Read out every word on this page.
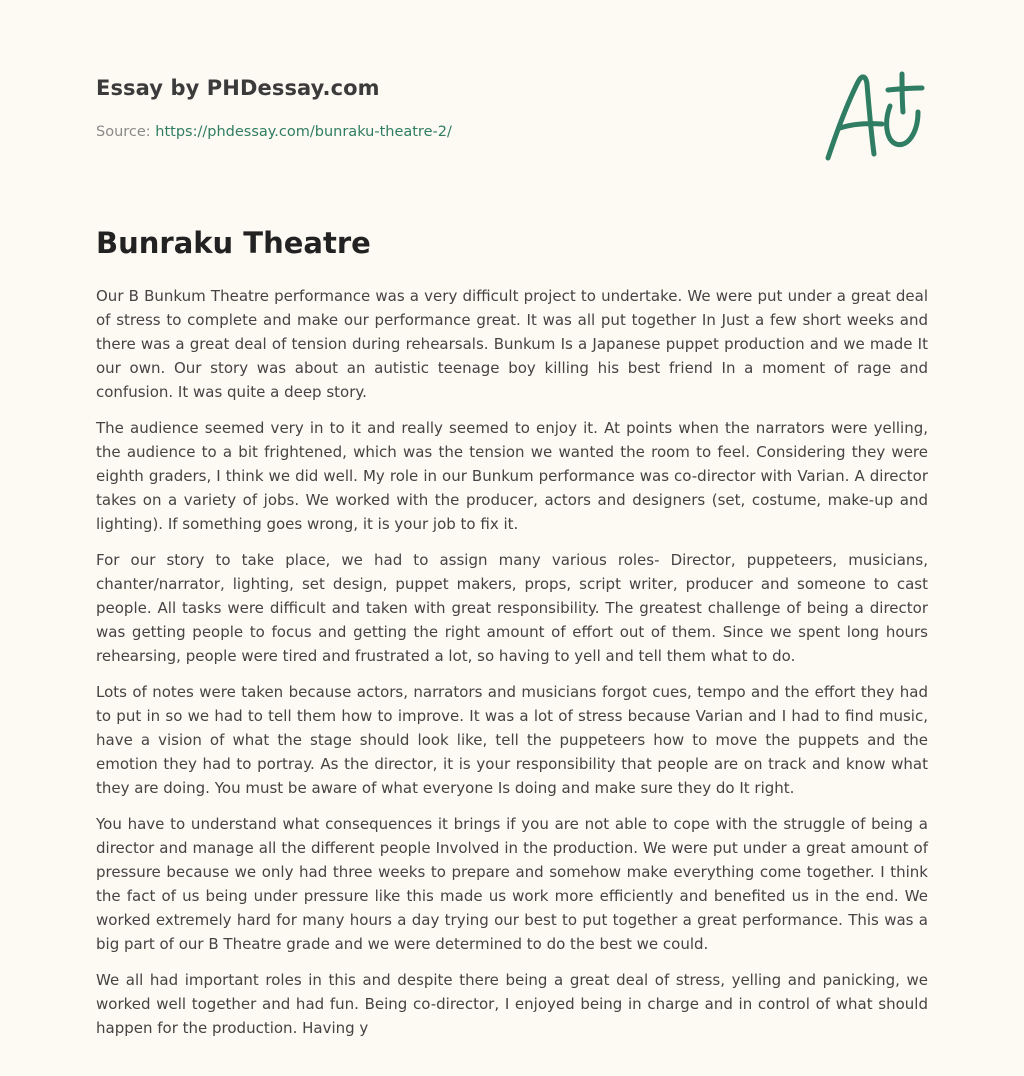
Essay by PHDessay.com
Source: https://phdessay.com/bunraku-theatre-2/
Bunraku Theatre

Our B Bunkum Theatre performance was a very difficult project to undertake. We were put under a great deal of stress to complete and make our performance great. It was all put together In Just a few short weeks and there was a great deal of tension during rehearsals. Bunkum Is a Japanese puppet production and we made It our own. Our story was about an autistic teenage boy killing his best friend In a moment of rage and confusion. It was quite a deep story.

The audience seemed very in to it and really seemed to enjoy it. At points when the narrators were yelling, the audience to a bit frightened, which was the tension we wanted the room to feel. Considering they were eighth graders, I think we did well. My role in our Bunkum performance was co-director with Varian. A director takes on a variety of jobs. We worked with the producer, actors and designers (set, costume, make-up and lighting). If something goes wrong, it is your job to fix it.

For our story to take place, we had to assign many various roles- Director, puppeteers, musicians, chanter/narrator, lighting, set design, puppet makers, props, script writer, producer and someone to cast people. All tasks were difficult and taken with great responsibility. The greatest challenge of being a director was getting people to focus and getting the right amount of effort out of them. Since we spent long hours rehearsing, people were tired and frustrated a lot, so having to yell and tell them what to do.

Lots of notes were taken because actors, narrators and musicians forgot cues, tempo and the effort they had to put in so we had to tell them how to improve. It was a lot of stress because Varian and I had to find music, have a vision of what the stage should look like, tell the puppeteers how to move the puppets and the emotion they had to portray. As the director, it is your responsibility that people are on track and know what they are doing. You must be aware of what everyone Is doing and make sure they do It right.

You have to understand what consequences it brings if you are not able to cope with the struggle of being a director and manage all the different people Involved in the production. We were put under a great amount of pressure because we only had three weeks to prepare and somehow make everything come together. I think the fact of us being under pressure like this made us work more efficiently and benefited us in the end. We worked extremely hard for many hours a day trying our best to put together a great performance. This was a big part of our B Theatre grade and we were determined to do the best we could.

We all had important roles in this and despite there being a great deal of stress, yelling and panicking, we worked well together and had fun. Being co-director, I enjoyed being in charge and in control of what should happen for the production. Having y
